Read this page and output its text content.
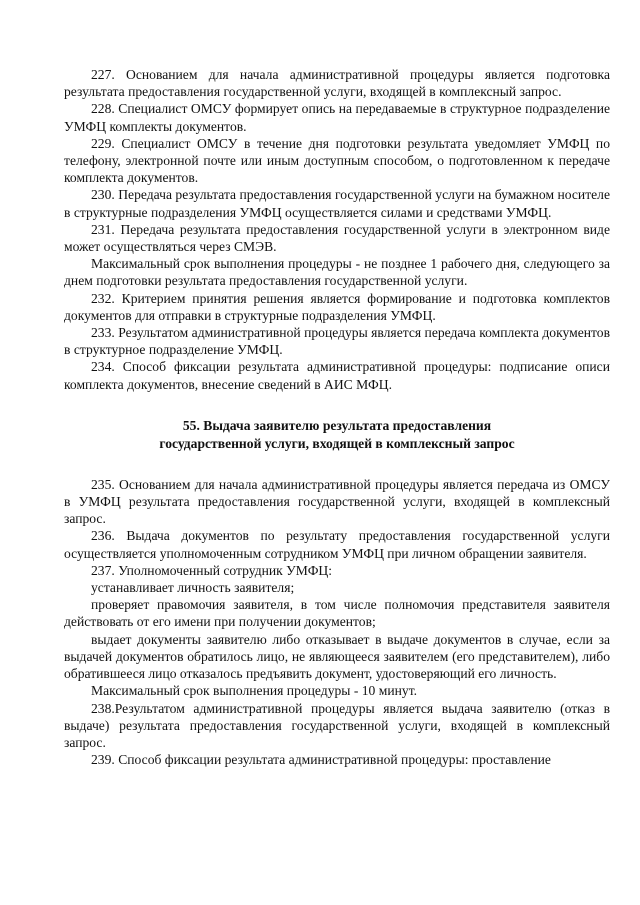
227. Основанием для начала административной процедуры является подготовка результата предоставления государственной услуги, входящей в комплексный запрос.

228. Специалист ОМСУ формирует опись на передаваемые в структурное подразделение УМФЦ комплекты документов.

229. Специалист ОМСУ в течение дня подготовки результата уведомляет УМФЦ по телефону, электронной почте или иным доступным способом, о подготовленном к передаче комплекта документов.

230. Передача результата предоставления государственной услуги на бумажном носителе в структурные подразделения УМФЦ осуществляется силами и средствами УМФЦ.

231. Передача результата предоставления государственной услуги в электронном виде может осуществляться через СМЭВ.

Максимальный срок выполнения процедуры - не позднее 1 рабочего дня, следующего за днем подготовки результата предоставления государственной услуги.

232. Критерием принятия решения является формирование и подготовка комплектов документов для отправки в структурные подразделения УМФЦ.

233. Результатом административной процедуры является передача комплекта документов в структурное подразделение УМФЦ.

234. Способ фиксации результата административной процедуры: подписание описи комплекта документов, внесение сведений в АИС МФЦ.

55. Выдача заявителю результата предоставления
государственной услуги, входящей в комплексный запрос

235. Основанием для начала административной процедуры является передача из ОМСУ в УМФЦ результата предоставления государственной услуги, входящей в комплексный запрос.

236. Выдача документов по результату предоставления государственной услуги осуществляется уполномоченным сотрудником УМФЦ при личном обращении заявителя.

237. Уполномоченный сотрудник УМФЦ:

устанавливает личность заявителя;

проверяет правомочия заявителя, в том числе полномочия представителя заявителя действовать от его имени при получении документов;

выдает документы заявителю либо отказывает в выдаче документов в случае, если за выдачей документов обратилось лицо, не являющееся заявителем (его представителем), либо обратившееся лицо отказалось предъявить документ, удостоверяющий его личность.

Максимальный срок выполнения процедуры - 10 минут.

238.Результатом административной процедуры является выдача заявителю (отказ в выдаче) результата предоставления государственной услуги, входящей в комплексный запрос.

239. Способ фиксации результата административной процедуры: проставление
